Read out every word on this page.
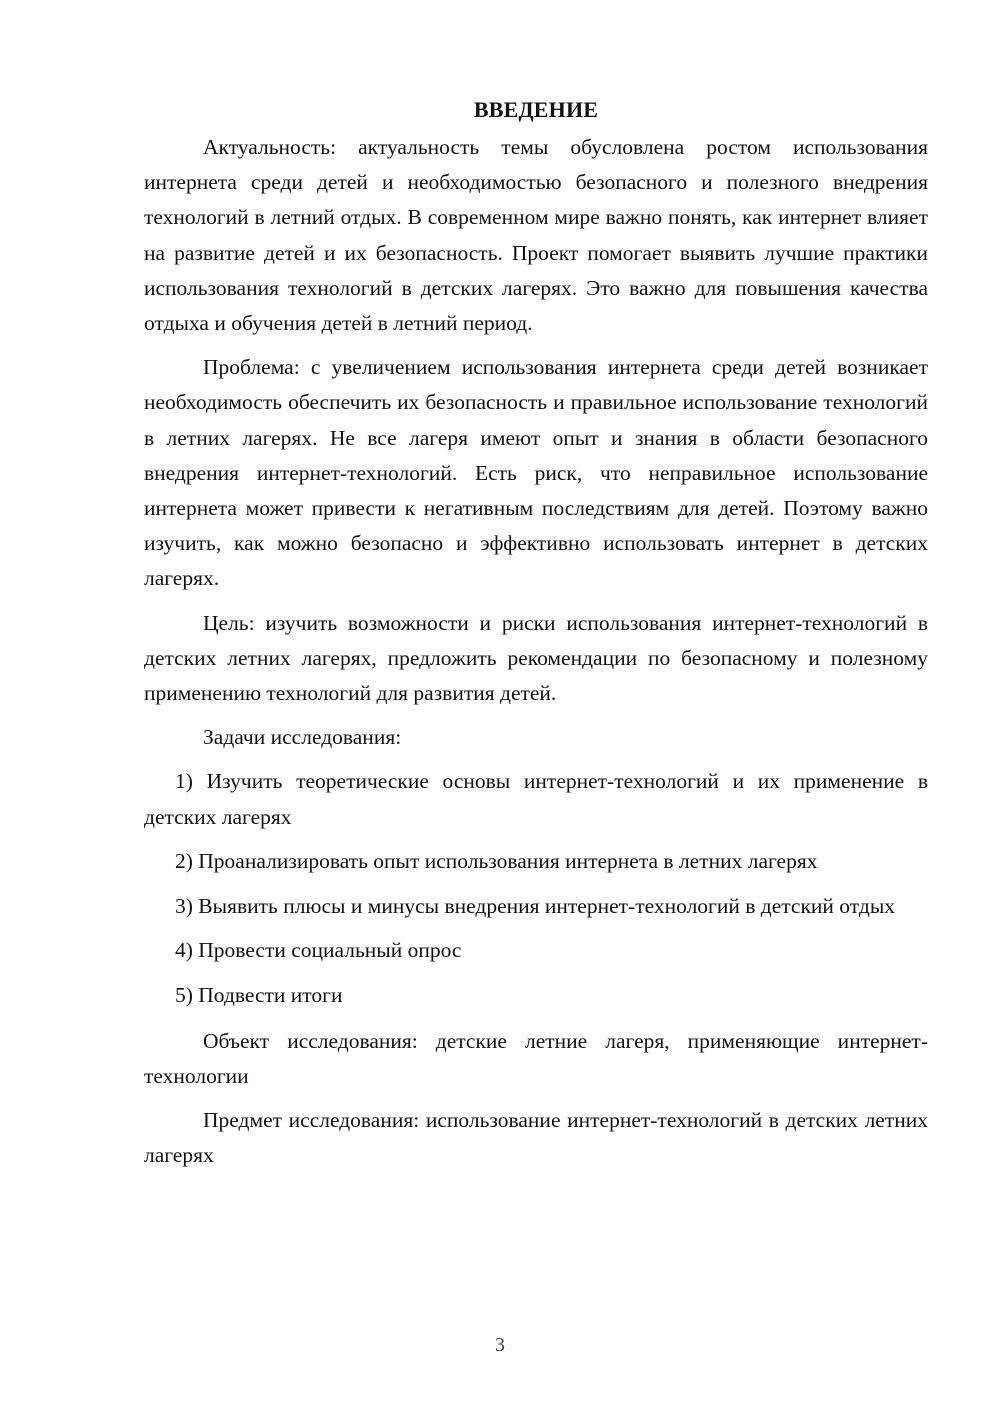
ВВЕДЕНИЕ

Актуальность: актуальность темы обусловлена ростом использования интернета среди детей и необходимостью безопасного и полезного внедрения технологий в летний отдых. В современном мире важно понять, как интернет влияет на развитие детей и их безопасность. Проект помогает выявить лучшие практики использования технологий в детских лагерях. Это важно для повышения качества отдыха и обучения детей в летний период.

Проблема: с увеличением использования интернета среди детей возникает необходимость обеспечить их безопасность и правильное использование технологий в летних лагерях. Не все лагеря имеют опыт и знания в области безопасного внедрения интернет-технологий. Есть риск, что неправильное использование интернета может привести к негативным последствиям для детей. Поэтому важно изучить, как можно безопасно и эффективно использовать интернет в детских лагерях.

Цель: изучить возможности и риски использования интернет-технологий в детских летних лагерях, предложить рекомендации по безопасному и полезному применению технологий для развития детей.

Задачи исследования:

1) Изучить теоретические основы интернет-технологий и их применение в детских лагерях

2) Проанализировать опыт использования интернета в летних лагерях

3) Выявить плюсы и минусы внедрения интернет-технологий в детский отдых

4) Провести социальный опрос

5) Подвести итоги

Объект исследования: детские летние лагеря, применяющие интернет-технологии

Предмет исследования: использование интернет-технологий в детских летних лагерях

3
